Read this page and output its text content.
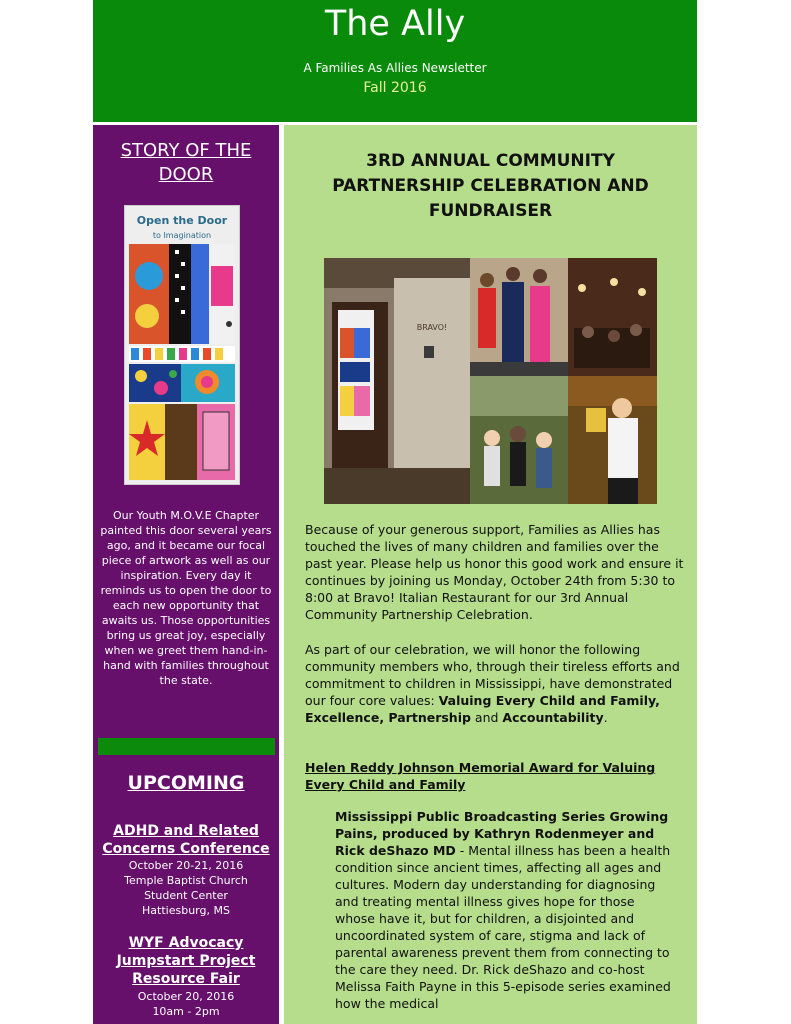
The Ally
A Families As Allies Newsletter
Fall 2016
STORY OF THE
DOOR
Open the Door
to Imagination
Our Youth M.O.V.E Chapter painted this door several years ago, and it became our focal piece of artwork as well as our inspiration. Every day it reminds us to open the door to each new opportunity that awaits us. Those opportunities bring us great joy, especially when we greet them hand-in-hand with families throughout the state.
UPCOMING
ADHD and Related
Concerns Conference
October 20-21, 2016
Temple Baptist Church
Student Center
Hattiesburg, MS
WYF Advocacy
Jumpstart Project
Resource Fair
October 20, 2016
10am - 2pm
3RD ANNUAL COMMUNITY
PARTNERSHIP CELEBRATION AND
FUNDRAISER
BRAVO!

Because of your generous support, Families as Allies has touched the lives of many children and families over the past year. Please help us honor this good work and ensure it continues by joining us Monday, October 24th from 5:30 to 8:00 at Bravo! Italian Restaurant for our 3rd Annual Community Partnership Celebration.

As part of our celebration, we will honor the following community members who, through their tireless efforts and commitment to children in Mississippi, have demonstrated our four core values: Valuing Every Child and Family, Excellence, Partnership and Accountability.

Helen Reddy Johnson Memorial Award for Valuing Every Child and Family
Mississippi Public Broadcasting Series Growing Pains, produced by Kathryn Rodenmeyer and Rick deShazo MD - Mental illness has been a health condition since ancient times, affecting all ages and cultures. Modern day understanding for diagnosing and treating mental illness gives hope for those whose have it, but for children, a disjointed and uncoordinated system of care, stigma and lack of parental awareness prevent them from connecting to the care they need. Dr. Rick deShazo and co-host Melissa Faith Payne in this 5-episode series examined how the medical
